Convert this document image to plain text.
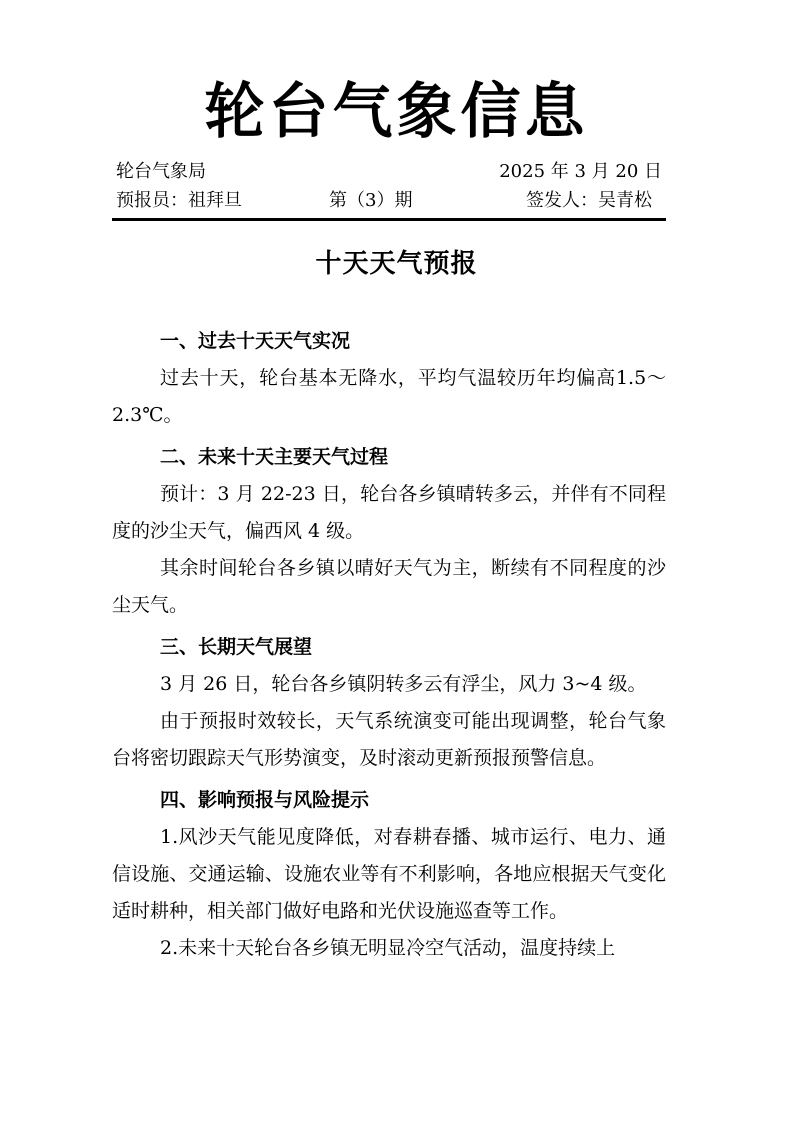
轮台气象信息
轮台气象局	2025 年 3 月 20 日
预报员：祖拜旦	第（3）期	签发人：吴青松
十天天气预报
一、过去十天天气实况

过去十天，轮台基本无降水，平均气温较历年均偏高1.5～2.3℃。

二、未来十天主要天气过程

预计：3 月 22-23 日，轮台各乡镇晴转多云，并伴有不同程度的沙尘天气，偏西风 4 级。

其余时间轮台各乡镇以晴好天气为主，断续有不同程度的沙尘天气。

三、长期天气展望

3 月 26 日，轮台各乡镇阴转多云有浮尘，风力 3~4 级。

由于预报时效较长，天气系统演变可能出现调整，轮台气象台将密切跟踪天气形势演变，及时滚动更新预报预警信息。

四、影响预报与风险提示

1.风沙天气能见度降低，对春耕春播、城市运行、电力、通信设施、交通运输、设施农业等有不利影响，各地应根据天气变化适时耕种，相关部门做好电路和光伏设施巡查等工作。

2.未来十天轮台各乡镇无明显冷空气活动，温度持续上
